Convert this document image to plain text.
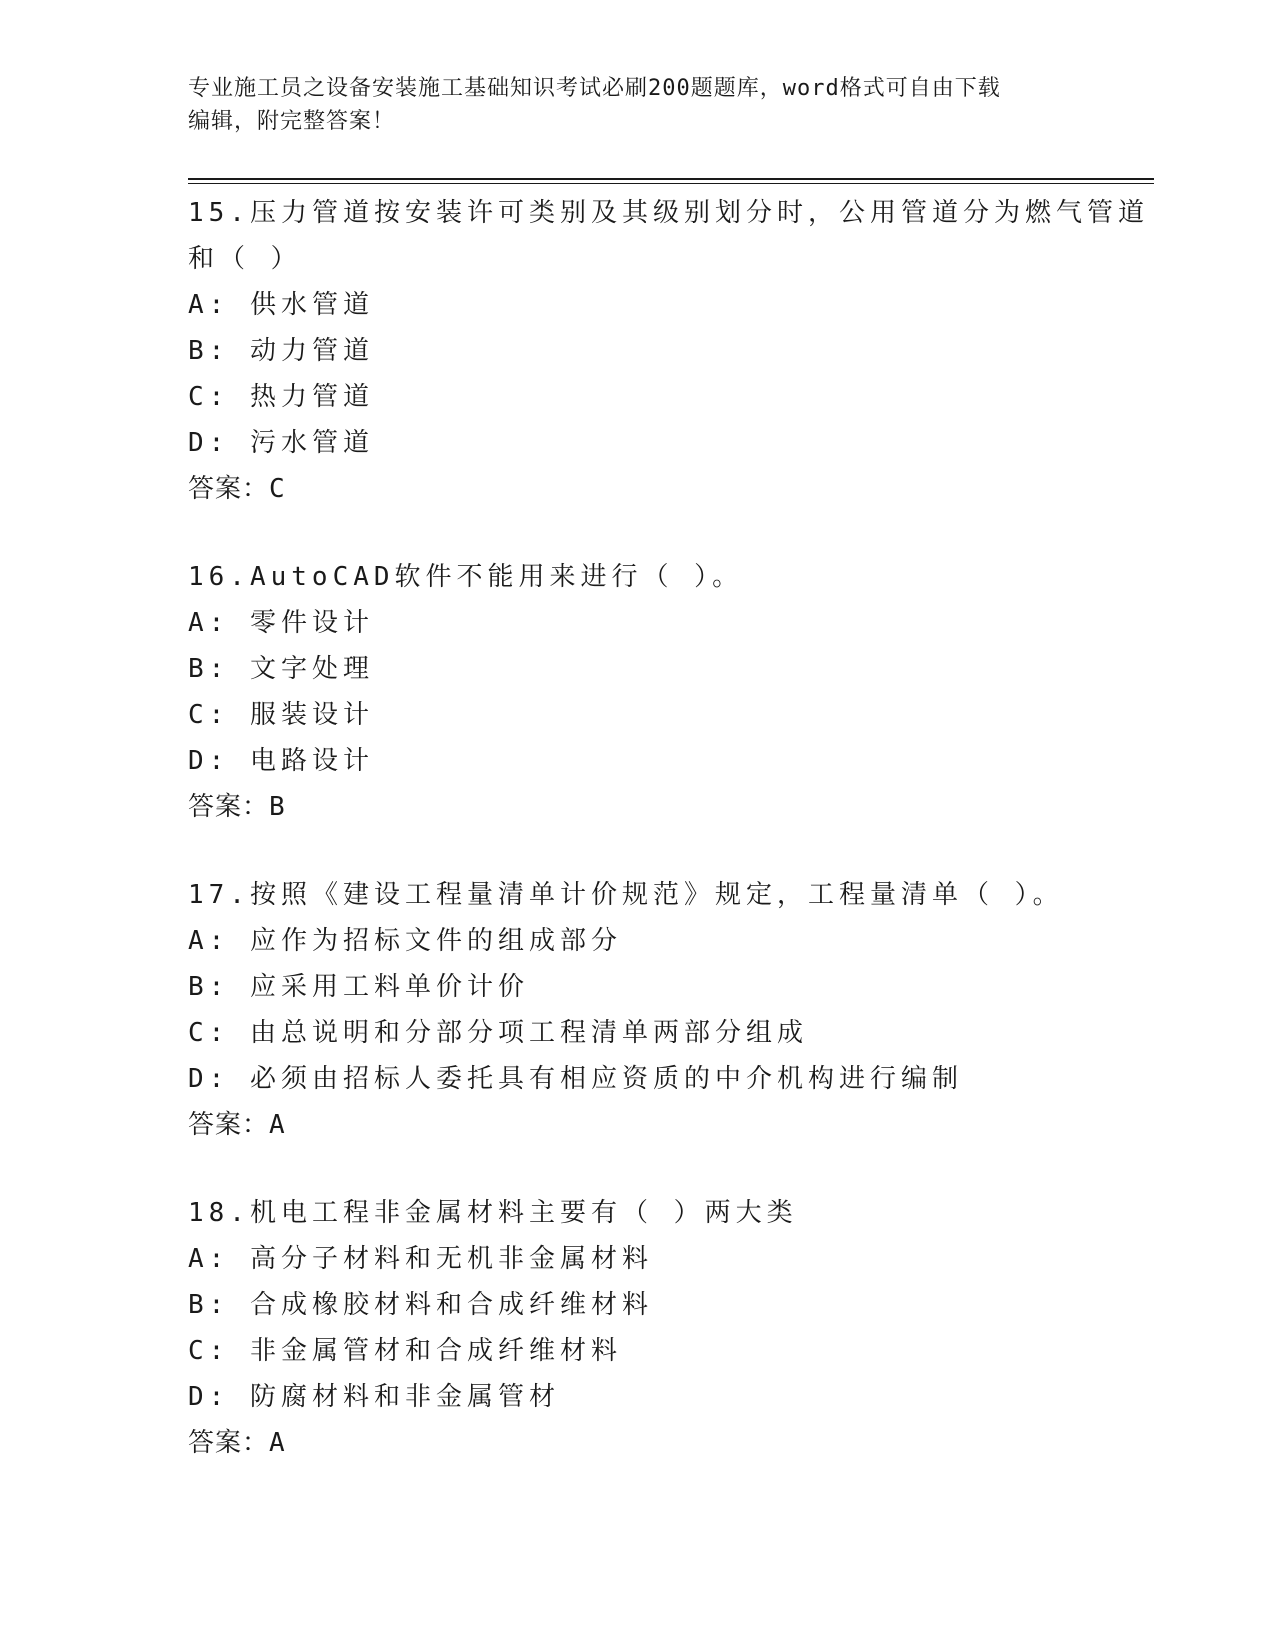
专业施工员之设备安装施工基础知识考试必刷200题题库，word格式可自由下载
编辑，附完整答案！
15.压力管道按安装许可类别及其级别划分时，公用管道分为燃气管道
和（ ）
A: 供水管道
B: 动力管道
C: 热力管道
D: 污水管道
答案：C
16.AutoCAD软件不能用来进行（ ）。
A: 零件设计
B: 文字处理
C: 服装设计
D: 电路设计
答案：B
17.按照《建设工程量清单计价规范》规定，工程量清单（ ）。
A: 应作为招标文件的组成部分
B: 应采用工料单价计价
C: 由总说明和分部分项工程清单两部分组成
D: 必须由招标人委托具有相应资质的中介机构进行编制
答案：A
18.机电工程非金属材料主要有（ ）两大类
A: 高分子材料和无机非金属材料
B: 合成橡胶材料和合成纤维材料
C: 非金属管材和合成纤维材料
D: 防腐材料和非金属管材
答案：A
